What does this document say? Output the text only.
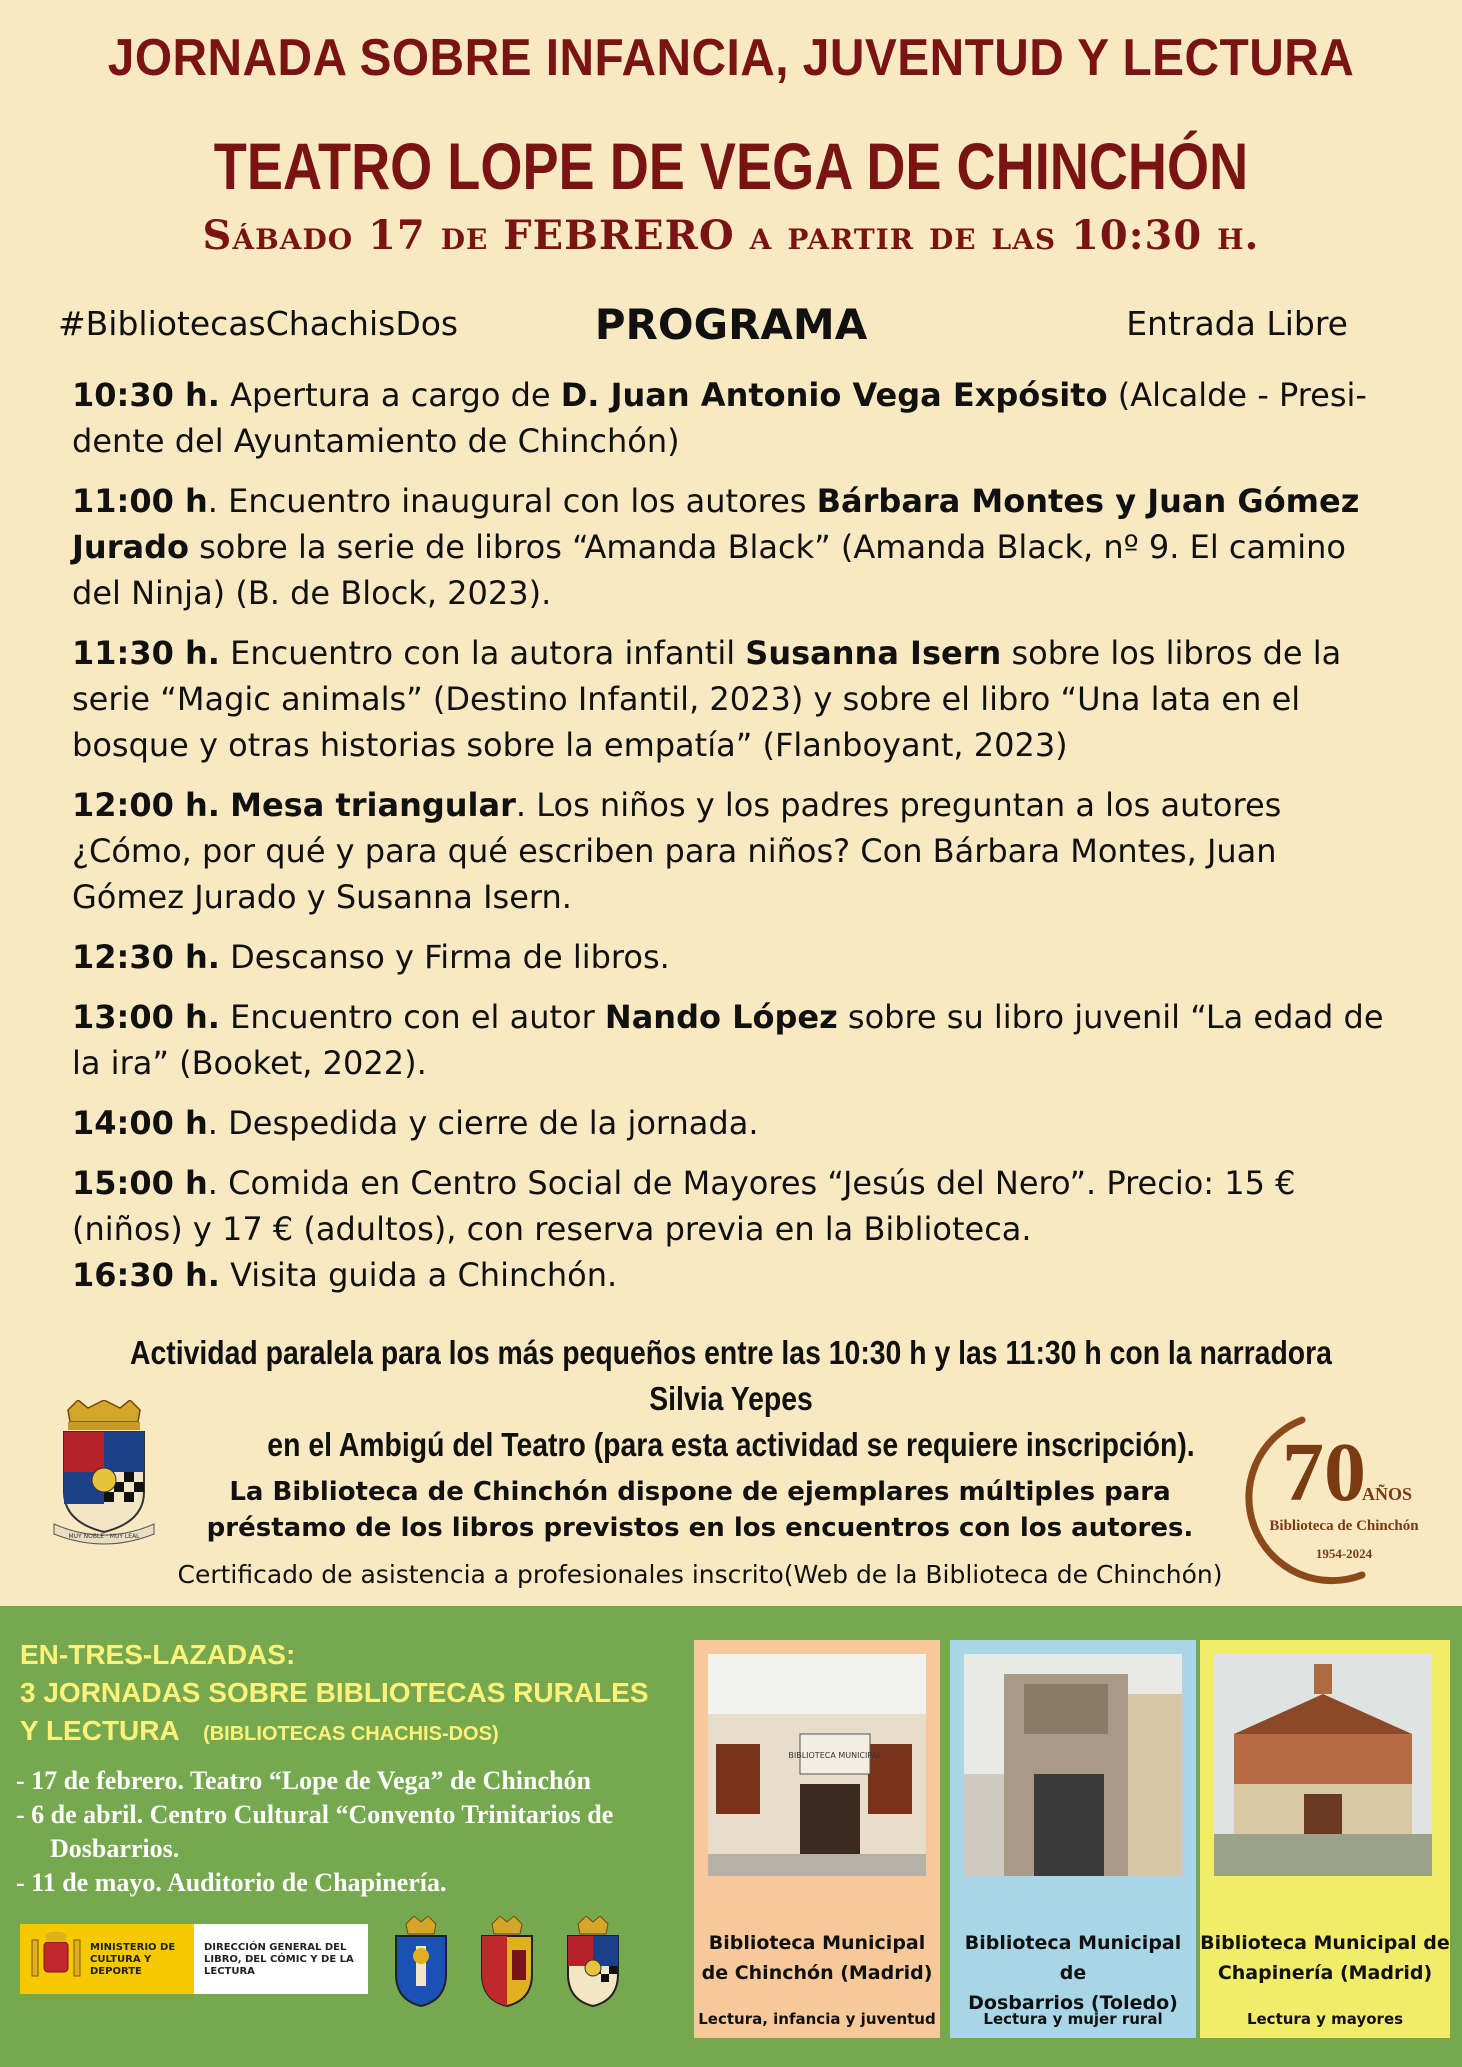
JORNADA SOBRE INFANCIA, JUVENTUD Y LECTURA
TEATRO LOPE DE VEGA DE CHINCHÓN
Sábado 17 de FEBRERO a partir de las 10:30 h.
#BibliotecasChachisDos	PROGRAMA	Entrada Libre
10:30 h. Apertura a cargo de D. Juan Antonio Vega Expósito (Alcalde - Presi-dente del Ayuntamiento de Chinchón)
11:00 h. Encuentro inaugural con los autores Bárbara Montes y Juan Gómez Jurado sobre la serie de libros “Amanda Black” (Amanda Black, nº 9. El camino del Ninja) (B. de Block, 2023).
11:30 h. Encuentro con la autora infantil Susanna Isern sobre los libros de la serie “Magic animals” (Destino Infantil, 2023) y sobre el libro “Una lata en el bosque y otras historias sobre la empatía” (Flanboyant, 2023)
12:00 h. Mesa triangular. Los niños y los padres preguntan a los autores ¿Cómo, por qué y para qué escriben para niños? Con Bárbara Montes, Juan Gómez Jurado y Susanna Isern.
12:30 h. Descanso y Firma de libros.
13:00 h. Encuentro con el autor Nando López sobre su libro juvenil “La edad de la ira” (Booket, 2022).
14:00 h. Despedida y cierre de la jornada.
15:00 h. Comida en Centro Social de Mayores “Jesús del Nero”. Precio: 15 € (niños) y 17 € (adultos), con reserva previa en la Biblioteca.
16:30 h. Visita guida a Chinchón.
Actividad paralela para los más pequeños entre las 10:30 h y las 11:30 h con la narradora Silvia Yepes
en el Ambigú del Teatro (para esta actividad se requiere inscripción).
MUY NOBLE · MUY LEAL
La Biblioteca de Chinchón dispone de ejemplares múltiples para
préstamo de los libros previstos en los encuentros con los autores.
Certificado de asistencia a profesionales inscrito(Web de la Biblioteca de Chinchón)
70
AÑOS
Biblioteca de Chinchón
1954-2024
EN-TRES-LAZADAS:
3 JORNADAS SOBRE BIBLIOTECAS RURALES
Y LECTURA (BIBLIOTECAS CHACHIS-DOS)
- 17 de febrero. Teatro “Lope de Vega” de Chinchón
- 6 de abril. Centro Cultural “Convento Trinitarios de
Dosbarrios.
- 11 de mayo. Auditorio de Chapinería.
MINISTERIO DE CULTURA Y DEPORTE
DIRECCIÓN GENERAL DEL LIBRO, DEL CÓMIC Y DE LA LECTURA
BIBLIOTECA MUNICIPAL
Biblioteca Municipal
de Chinchón (Madrid)
Lectura, infancia y juventud
Biblioteca Municipal de
Dosbarrios (Toledo)
Lectura y mujer rural
Biblioteca Municipal de
Chapinería (Madrid)
Lectura y mayores
